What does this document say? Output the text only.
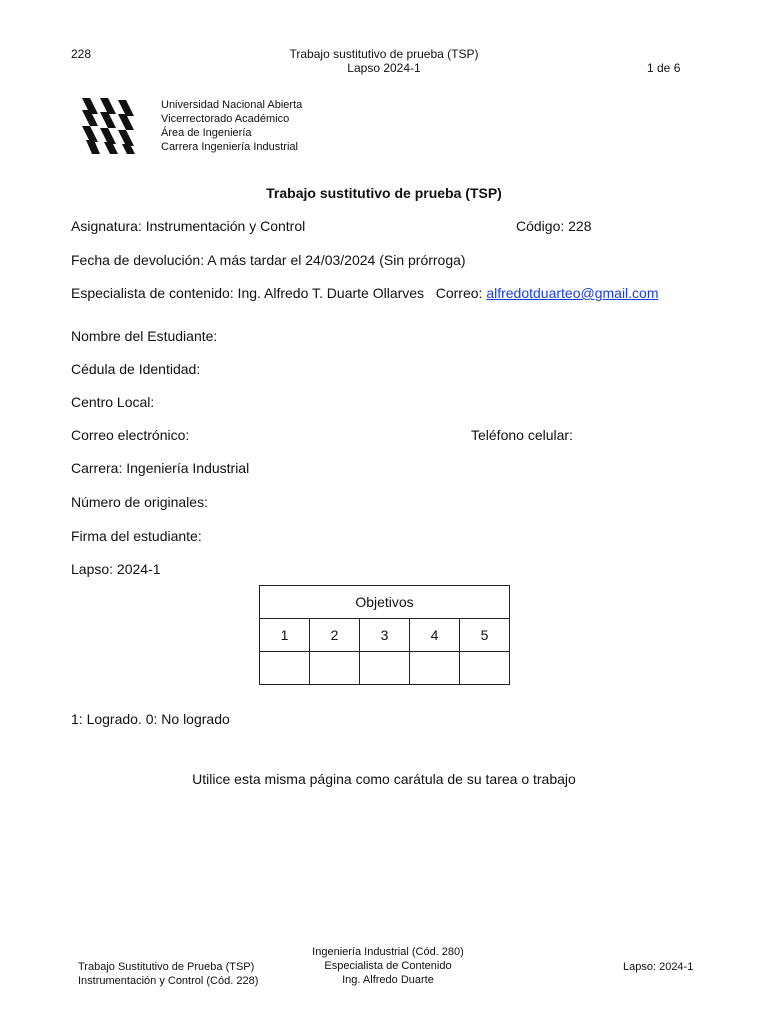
228	Trabajo sustitutivo de prueba (TSP)
Lapso 2024-1	1 de 6
Universidad Nacional Abierta
Vicerrectorado Académico
Área de Ingeniería
Carrera Ingeniería Industrial
Trabajo sustitutivo de prueba (TSP)
Asignatura: Instrumentación y Control	Código: 228
Fecha de devolución: A más tardar el 24/03/2024 (Sin prórroga)
Especialista de contenido: Ing. Alfredo T. Duarte Ollarves Correo: alfredotduarteo@gmail.com
Nombre del Estudiante:
Cédula de Identidad:
Centro Local:
Correo electrónico:	Teléfono celular:
Carrera: Ingeniería Industrial
Número de originales:
Firma del estudiante:
Lapso: 2024-1
Objetivos				
1	2	3	4	5

1: Logrado. 0: No logrado
Utilice esta misma página como carátula de su tarea o trabajo
Trabajo Sustitutivo de Prueba (TSP)
Instrumentación y Control (Cód. 228)
Ingeniería Industrial (Cód. 280)
Especialista de Contenido
Ing. Alfredo Duarte
Lapso: 2024-1
